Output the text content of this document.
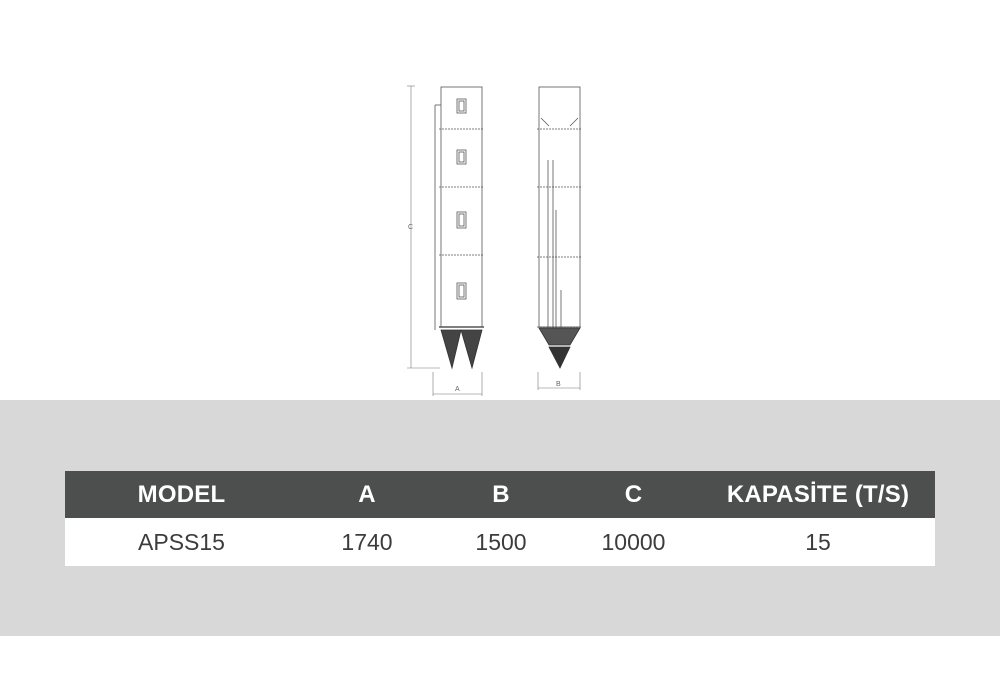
A
C
B
MODEL	A	B	C	KAPASİTE (T/S)
APSS15	1740	1500	10000	15
